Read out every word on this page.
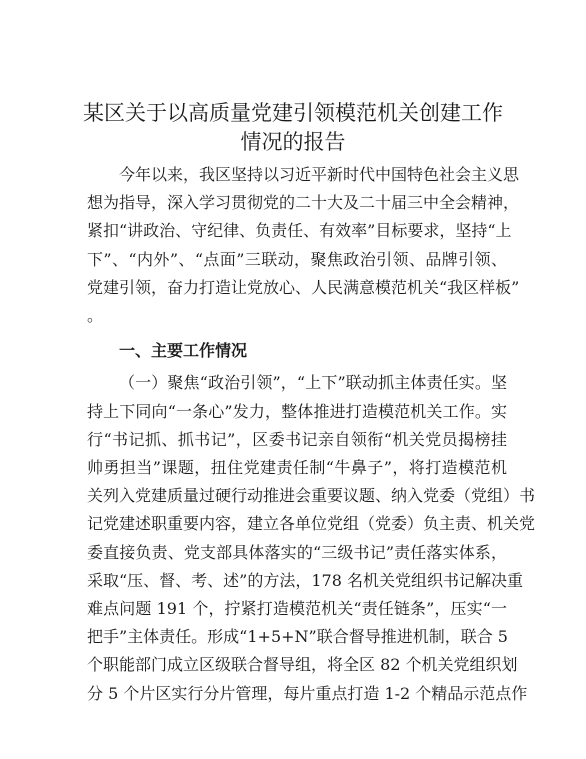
某区关于以高质量党建引领模范机关创建工作
情况的报告

今年以来，我区坚持以习近平新时代中国特色社会主义思
想为指导，深入学习贯彻党的二十大及二十届三中全会精神，
紧扣“讲政治、守纪律、负责任、有效率”目标要求，坚持“上
下”、“内外”、“点面”三联动，聚焦政治引领、品牌引领、
党建引领，奋力打造让党放心、人民满意模范机关“我区样板”
。

一、主要工作情况

（一）聚焦“政治引领”，“上下”联动抓主体责任实。坚
持上下同向“一条心”发力，整体推进打造模范机关工作。实
行“书记抓、抓书记”，区委书记亲自领衔“机关党员揭榜挂
帅勇担当”课题，扭住党建责任制“牛鼻子”，将打造模范机
关列入党建质量过硬行动推进会重要议题、纳入党委（党组）书
记党建述职重要内容，建立各单位党组（党委）负主责、机关党
委直接负责、党支部具体落实的“三级书记”责任落实体系，
采取“压、督、考、述”的方法，178 名机关党组织书记解决重
难点问题 191 个，拧紧打造模范机关“责任链条”，压实“一
把手”主体责任。形成“1+5+N”联合督导推进机制，联合 5
个职能部门成立区级联合督导组，将全区 82 个机关党组织划
分 5 个片区实行分片管理，每片重点打造 1-2 个精品示范点作
